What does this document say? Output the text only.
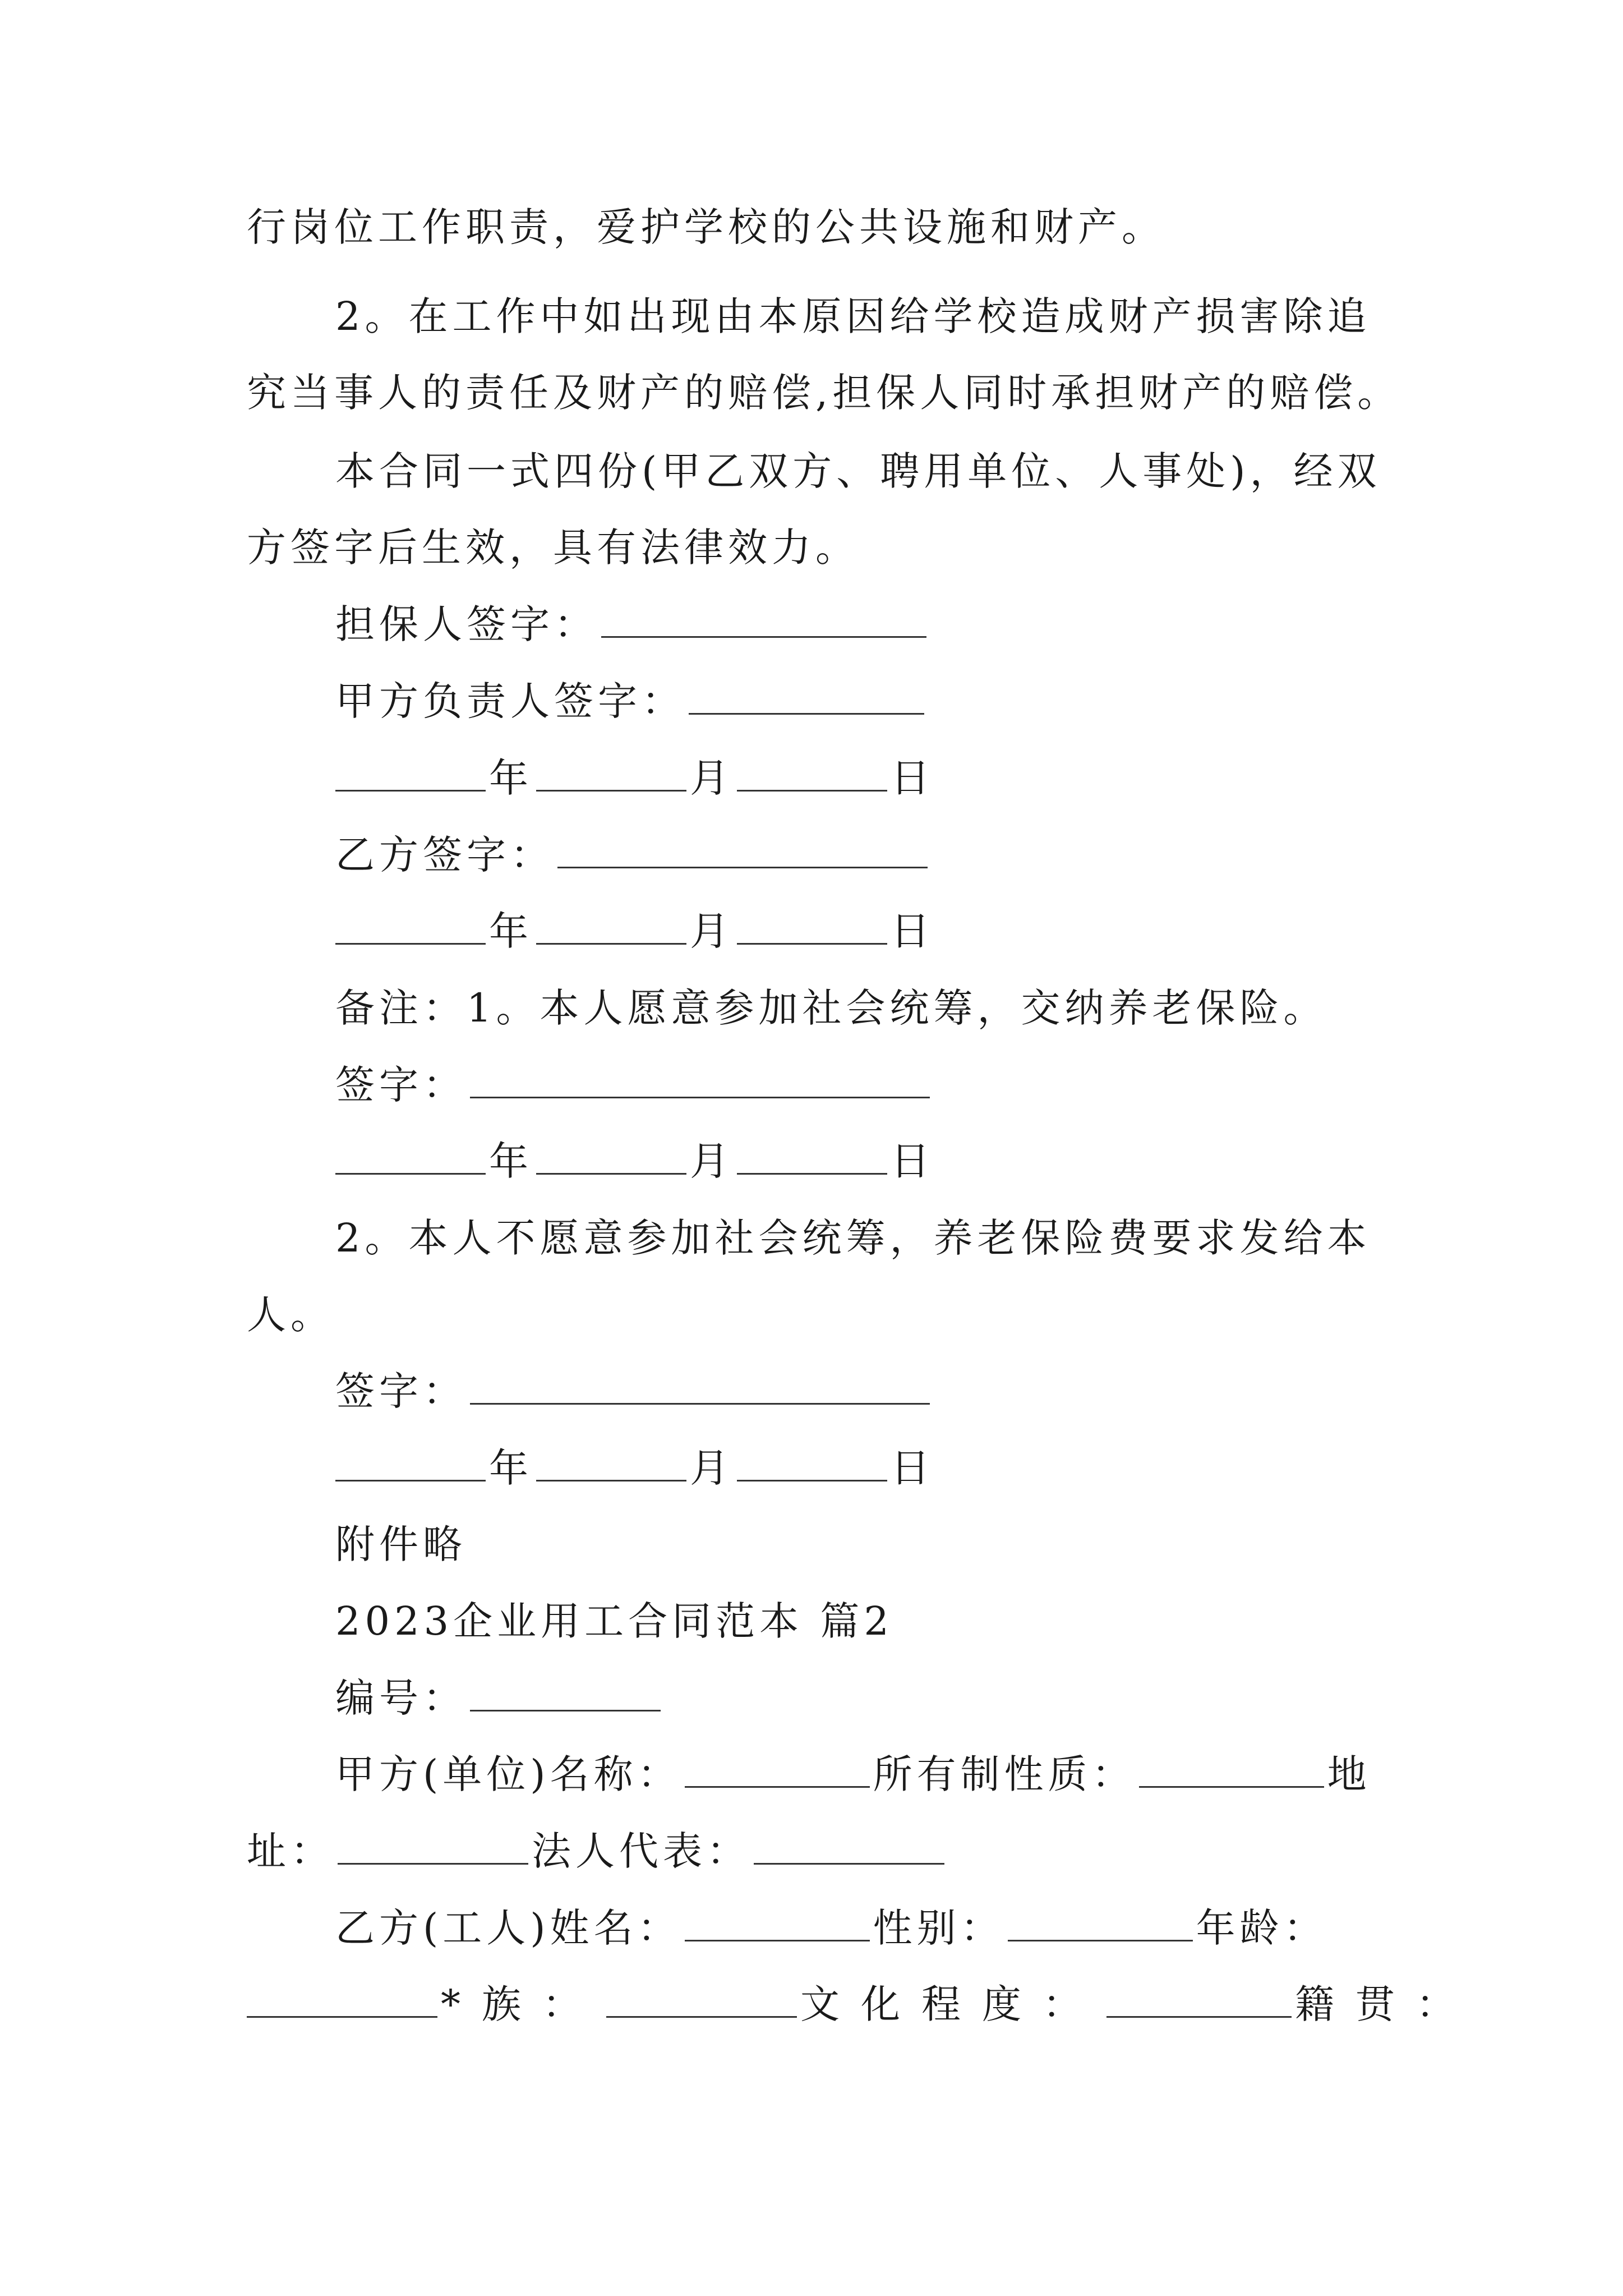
行岗位工作职责，爱护学校的公共设施和财产。
2。在工作中如出现由本原因给学校造成财产损害除追
究当事人的责任及财产的赔偿,担保人同时承担财产的赔偿。
本合同一式四份(甲乙双方、聘用单位、人事处)，经双
方签字后生效，具有法律效力。
担保人签字：
甲方负责人签字：
年	月	日
乙方签字：
年	月	日
备注：1。本人愿意参加社会统筹，交纳养老保险。
签字：
年	月	日
2。本人不愿意参加社会统筹，养老保险费要求发给本
人。
签字：
年	月	日
附件略
2023企业用工合同范本 篇2
编号：
甲方(单位)名称：	所有制性质：	地
址：	法人代表：
乙方(工人)姓名：	性别：	年龄：
*族：	文化程度：	籍贯：
